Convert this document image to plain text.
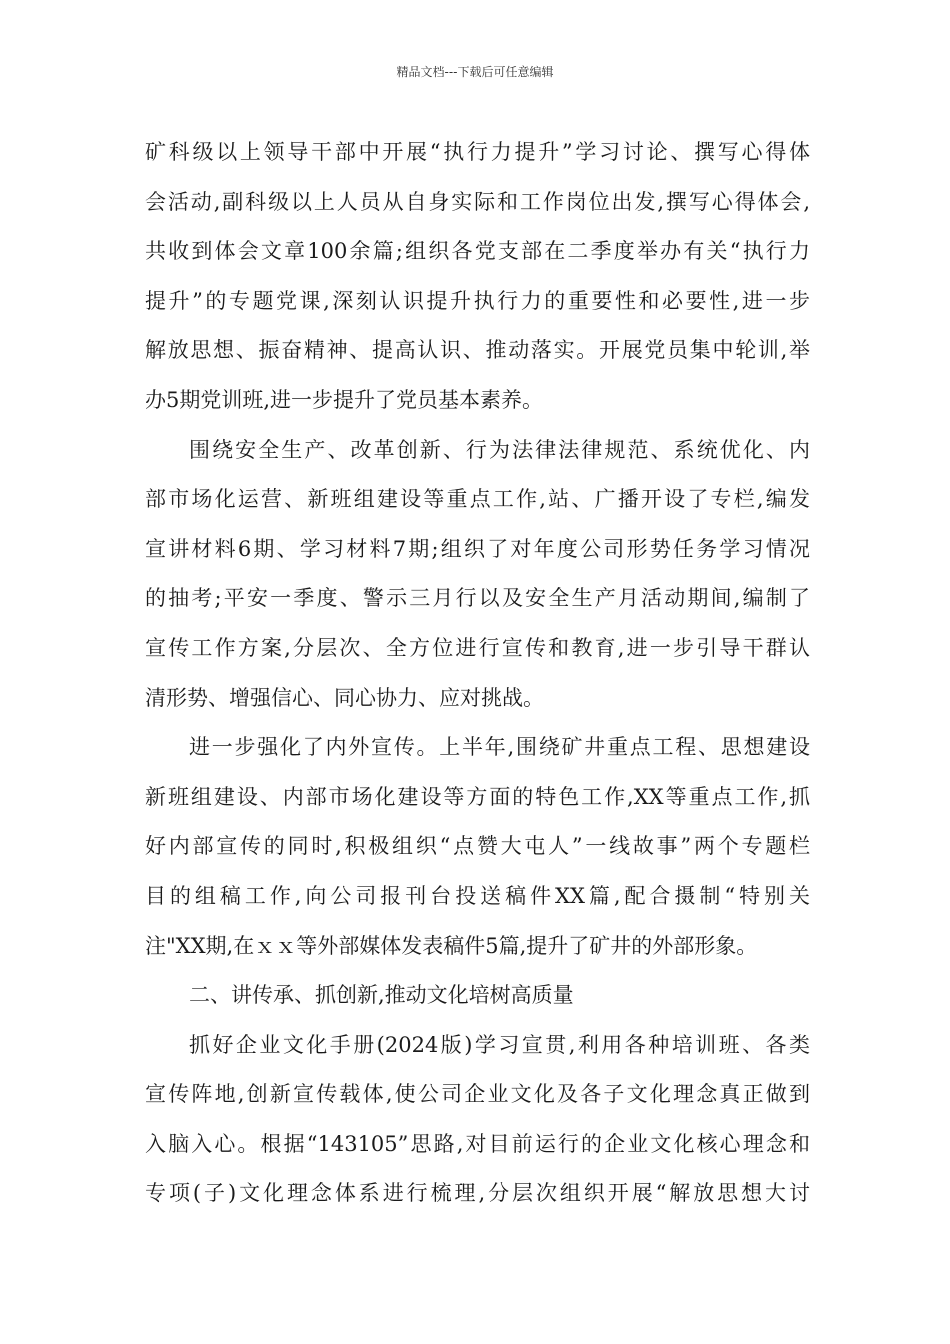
精品文档---下载后可任意编辑
矿科级以上领导干部中开展“执行力提升”学习讨论、撰写心得体
会活动,副科级以上人员从自身实际和工作岗位出发,撰写心得体会,
共收到体会文章100余篇;组织各党支部在二季度举办有关“执行力
提升”的专题党课,深刻认识提升执行力的重要性和必要性,进一步
解放思想、振奋精神、提高认识、推动落实。开展党员集中轮训,举
办5期党训班,进一步提升了党员基本素养。
围绕安全生产、改革创新、行为法律法律规范、系统优化、内
部市场化运营、新班组建设等重点工作,站、广播开设了专栏,编发
宣讲材料6期、学习材料7期;组织了对年度公司形势任务学习情况
的抽考;平安一季度、警示三月行以及安全生产月活动期间,编制了
宣传工作方案,分层次、全方位进行宣传和教育,进一步引导干群认
清形势、增强信心、同心协力、应对挑战。
进一步强化了内外宣传。上半年,围绕矿井重点工程、思想建设
新班组建设、内部市场化建设等方面的特色工作,XX等重点工作,抓
好内部宣传的同时,积极组织“点赞大屯人”一线故事”两个专题栏
目的组稿工作,向公司报刊台投送稿件XX篇,配合摄制“特别关
注"XX期,在ｘｘ等外部媒体发表稿件5篇,提升了矿井的外部形象。
二、讲传承、抓创新,推动文化培树高质量
抓好企业文化手册(2024版)学习宣贯,利用各种培训班、各类
宣传阵地,创新宣传载体,使公司企业文化及各子文化理念真正做到
入脑入心。根据“143105”思路,对目前运行的企业文化核心理念和
专项(子)文化理念体系进行梳理,分层次组织开展“解放思想大讨
